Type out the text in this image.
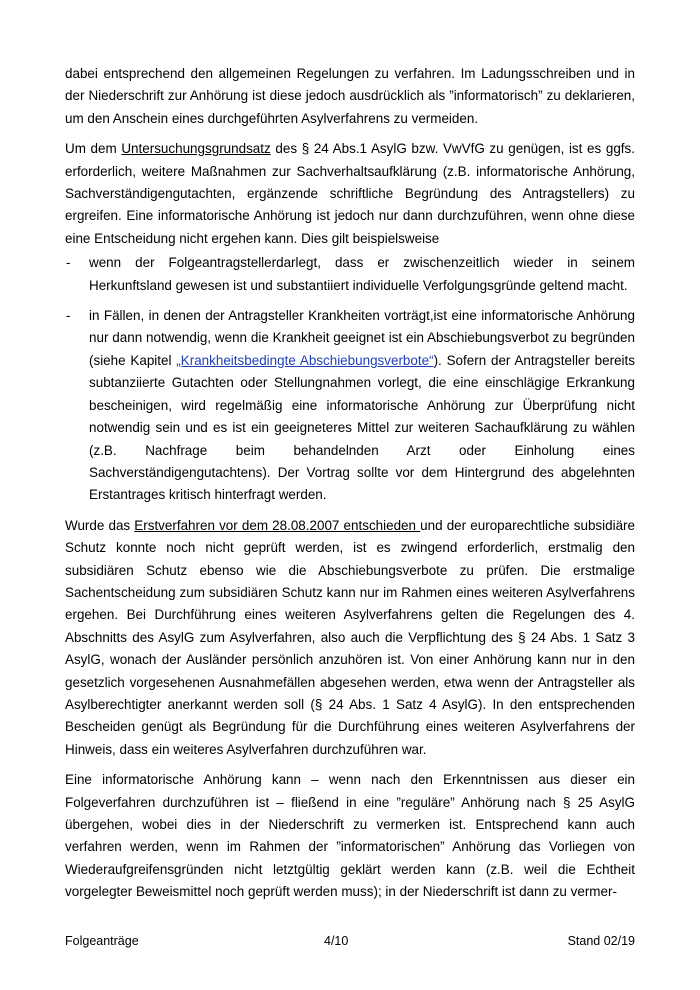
dabei entsprechend den allgemeinen Regelungen zu verfahren. Im Ladungsschreiben und in der Niederschrift zur Anhörung ist diese jedoch ausdrücklich als ”informatorisch” zu deklarieren, um den Anschein eines durchgeführten Asylverfahrens zu vermeiden.

Um dem Untersuchungsgrundsatz des § 24 Abs.1 AsylG bzw. VwVfG zu genügen, ist es ggfs. erforderlich, weitere Maßnahmen zur Sachverhaltsaufklärung (z.B. informatorische Anhörung, Sachverständigengutachten, ergänzende schriftliche Begründung des Antragstellers) zu ergreifen. Eine informatorische Anhörung ist jedoch nur dann durchzuführen, wenn ohne diese eine Entscheidung nicht ergehen kann. Dies gilt beispielsweise

- wenn der Folgeantragstellerdarlegt, dass er zwischenzeitlich wieder in seinem Herkunftsland gewesen ist und substantiiert individuelle Verfolgungsgründe geltend macht.
- in Fällen, in denen der Antragsteller Krankheiten vorträgt,ist eine informatorische Anhörung nur dann notwendig, wenn die Krankheit geeignet ist ein Abschiebungsverbot zu begründen (siehe Kapitel „Krankheitsbedingte Abschiebungsverbote“). Sofern der Antragsteller bereits subtanziierte Gutachten oder Stellungnahmen vorlegt, die eine einschlägige Erkrankung bescheinigen, wird regelmäßig eine informatorische Anhörung zur Überprüfung nicht notwendig sein und es ist ein geeigneteres Mittel zur weiteren Sachaufklärung zu wählen (z.B. Nachfrage beim behandelnden Arzt oder Einholung eines Sachverständigengutachtens). Der Vortrag sollte vor dem Hintergrund des abgelehnten Erstantrages kritisch hinterfragt werden.

Wurde das Erstverfahren vor dem 28.08.2007 entschieden und der europarechtliche subsidiäre Schutz konnte noch nicht geprüft werden, ist es zwingend erforderlich, erstmalig den subsidiären Schutz ebenso wie die Abschiebungsverbote zu prüfen. Die erstmalige Sachentscheidung zum subsidiären Schutz kann nur im Rahmen eines weiteren Asylverfahrens ergehen. Bei Durchführung eines weiteren Asylverfahrens gelten die Regelungen des 4. Abschnitts des AsylG zum Asylverfahren, also auch die Verpflichtung des § 24 Abs. 1 Satz 3 AsylG, wonach der Ausländer persönlich anzuhören ist. Von einer Anhörung kann nur in den gesetzlich vorgesehenen Ausnahmefällen abgesehen werden, etwa wenn der Antragsteller als Asylberechtigter anerkannt werden soll (§ 24 Abs. 1 Satz 4 AsylG). In den entsprechenden Bescheiden genügt als Begründung für die Durchführung eines weiteren Asylverfahrens der Hinweis, dass ein weiteres Asylverfahren durchzuführen war.

Eine informatorische Anhörung kann – wenn nach den Erkenntnissen aus dieser ein Folgeverfahren durchzuführen ist – fließend in eine ”reguläre” Anhörung nach § 25 AsylG übergehen, wobei dies in der Niederschrift zu vermerken ist. Entsprechend kann auch verfahren werden, wenn im Rahmen der ”informatorischen” Anhörung das Vorliegen von Wiederaufgreifensgründen nicht letztgültig geklärt werden kann (z.B. weil die Echtheit vorgelegter Beweismittel noch geprüft werden muss); in der Niederschrift ist dann zu vermer-

Folgeanträge	4/10	Stand 02/19
